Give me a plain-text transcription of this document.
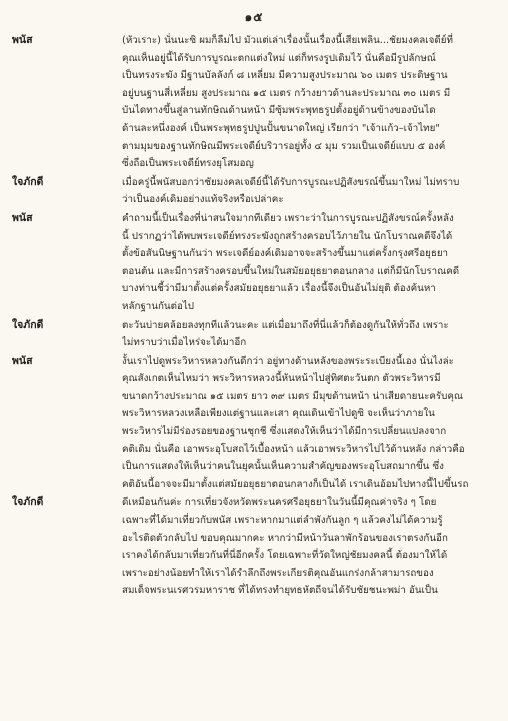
๑๕
พนัส	(หัวเราะ) นั่นนะซิ ผมก็ลืมไป มัวแต่เล่าเรื่องนั้นเรื่องนี้เสียเพลิน...ชัยมงคลเจดีย์ที่
คุณเห็นอยู่นี้ได้รับการบูรณะตกแต่งใหม่ แต่ก็ทรงรูปเดิมไว้ นั่นคือมีรูปลักษณ์
เป็นทรงระฆัง มีฐานบัลลังก์ ๘ เหลี่ยม มีความสูงประมาณ ๖๐ เมตร ประดิษฐาน
อยู่บนฐานสี่เหลี่ยม สูงประมาณ ๑๕ เมตร กว้างยาวด้านละประมาณ ๓๐ เมตร มี
บันไดทางขึ้นสู่ลานทักษิณด้านหน้า มีซุ้มพระพุทธรูปตั้งอยู่ด้านข้างของบันได
ด้านละหนึ่งองค์ เป็นพระพุทธรูปปูนปั้นขนาดใหญ่ เรียกว่า "เจ้าแก้ว–เจ้าไทย"
ตามมุมของฐานทักษิณมีพระเจดีย์บริวารอยู่ทั้ง ๔ มุม รวมเป็นเจดีย์แบบ ๕ องค์
ซึ่งถือเป็นพระเจดีย์ทรงยุโสมอญ
ใจภักดี	เมื่อครู่นี้พนัสบอกว่าชัยมงคลเจดีย์นี้ได้รับการบูรณะปฏิสังขรณ์ขึ้นมาใหม่ ไม่ทราบ
ว่าเป็นองค์เดิมอย่างแท้จริงหรือเปล่าคะ
พนัส	คำถามนี้เป็นเรื่องที่น่าสนใจมากทีเดียว เพราะว่าในการบูรณะปฏิสังขรณ์ครั้งหลัง
นี้ ปรากฏว่าได้พบพระเจดีย์ทรงระฆังถูกสร้างครอบไว้ภายใน นักโบราณคดีจึงได้
ตั้งข้อสันนิษฐานกันว่า พระเจดีย์องค์เดิมอาจจะสร้างขึ้นมาแต่ครั้งกรุงศรีอยุธยา
ตอนต้น และมีการสร้างครอบขึ้นใหม่ในสมัยอยุธยาตอนกลาง แต่ก็มีนักโบราณคดี
บางท่านชี้ว่ามีมาตั้งแต่ครั้งสมัยอยุธยาแล้ว เรื่องนี้จึงเป็นอันไม่ยุติ ต้องค้นหา
หลักฐานกันต่อไป
ใจภักดี	ตะวันบ่ายคล้อยลงทุกทีแล้วนะคะ แต่เมื่อมาถึงที่นี่แล้วก็ต้องดูกันให้ทั่วถึง เพราะ
ไม่ทราบว่าเมื่อไหร่จะได้มาอีก
พนัส	งั้นเราไปดูพระวิหารหลวงกันดีกว่า อยู่ทางด้านหลังของพระระเบียงนี้เอง นั่นไงล่ะ
คุณสังเกตเห็นไหมว่า พระวิหารหลวงนี้หันหน้าไปสู่ทิศตะวันตก ตัวพระวิหารมี
ขนาดกว้างประมาณ ๑๕ เมตร ยาว ๓๙ เมตร มีมุขด้านหน้า น่าเสียดายนะครับคุณ
พระวิหารหลวงเหลือเพียงแต่ฐานและเสา คุณเดินเข้าไปดูซิ จะเห็นว่าภายใน
พระวิหารไม่มีร่องรอยของฐานชุกชี ซึ่งแสดงให้เห็นว่าได้มีการเปลี่ยนแปลงจาก
คติเดิม นั่นคือ เอาพระอุโบสถไว้เบื้องหน้า แล้วเอาพระวิหารไปไว้ด้านหลัง กล่าวคือ
เป็นการแสดงให้เห็นว่าคนในยุคนั้นเห็นความสำคัญของพระอุโบสถมากขึ้น ซึ่ง
คติอันนี้อาจจะมีมาตั้งแต่สมัยอยุธยาตอนกลางก็เป็นได้ เราเดินอ้อมไปทางนี้ไปขึ้นรถ
ใจภักดี	ดีเหมือนกันค่ะ การเที่ยวจังหวัดพระนครศรีอยุธยาในวันนี้มีคุณค่าจริง ๆ โดย
เฉพาะที่ได้มาเที่ยวกับพนัส เพราะหากมาแต่ลำพังกันลูก ๆ แล้วคงไม่ได้ความรู้
อะไรติดตัวกลับไป ขอบคุณมากคะ หากว่ามีหน้าวันลาพักร้อนของเราตรงกันอีก
เราคงได้กลับมาเที่ยวกันที่นี่อีกครั้ง โดยเฉพาะที่วัดใหญ่ชัยมงคลนี้ ต้องมาให้ได้
เพราะอย่างน้อยทำให้เราได้รำลึกถึงพระเกียรติคุณอันแกร่งกล้าสามารถของ
สมเด็จพระนเรศวรมหาราช ที่ได้ทรงทำยุทธหัตถีจนได้รับชัยชนะพม่า อันเป็น
